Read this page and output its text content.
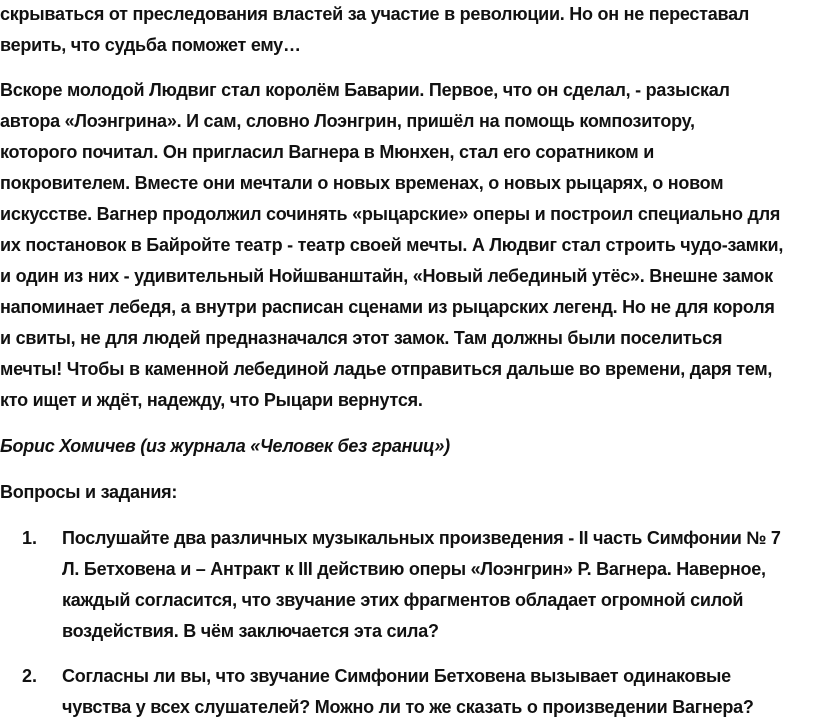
скрываться от преследования властей за участие в революции. Но он не переставал
верить, что судьба поможет ему…
Вскоре молодой Людвиг стал королём Баварии. Первое, что он сделал, - разыскал
автора «Лоэнгрина». И сам, словно Лоэнгрин, пришёл на помощь композитору,
которого почитал. Он пригласил Вагнера в Мюнхен, стал его соратником и
покровителем. Вместе они мечтали о новых временах, о новых рыцарях, о новом
искусстве. Вагнер продолжил сочинять «рыцарские» оперы и построил специально для
их постановок в Байройте театр - театр своей мечты. А Людвиг стал строить чудо-замки,
и один из них - удивительный Нойшванштайн, «Новый лебединый утёс». Внешне замок
напоминает лебедя, а внутри расписан сценами из рыцарских легенд. Но не для короля
и свиты, не для людей предназначался этот замок. Там должны были поселиться
мечты! Чтобы в каменной лебединой ладье отправиться дальше во времени, даря тем,
кто ищет и ждёт, надежду, что Рыцари вернутся.
Борис Хомичев (из журнала «Человек без границ»)
Вопросы и задания:
1. Послушайте два различных музыкальных произведения - II часть Симфонии № 7
Л. Бетховена и – Антракт к III действию оперы «Лоэнгрин» Р. Вагнера. Наверное,
каждый согласится, что звучание этих фрагментов обладает огромной силой
воздействия. В чём заключается эта сила?
2. Согласны ли вы, что звучание Симфонии Бетховена вызывает одинаковые
чувства у всех слушателей? Можно ли то же сказать о произведении Вагнера?
